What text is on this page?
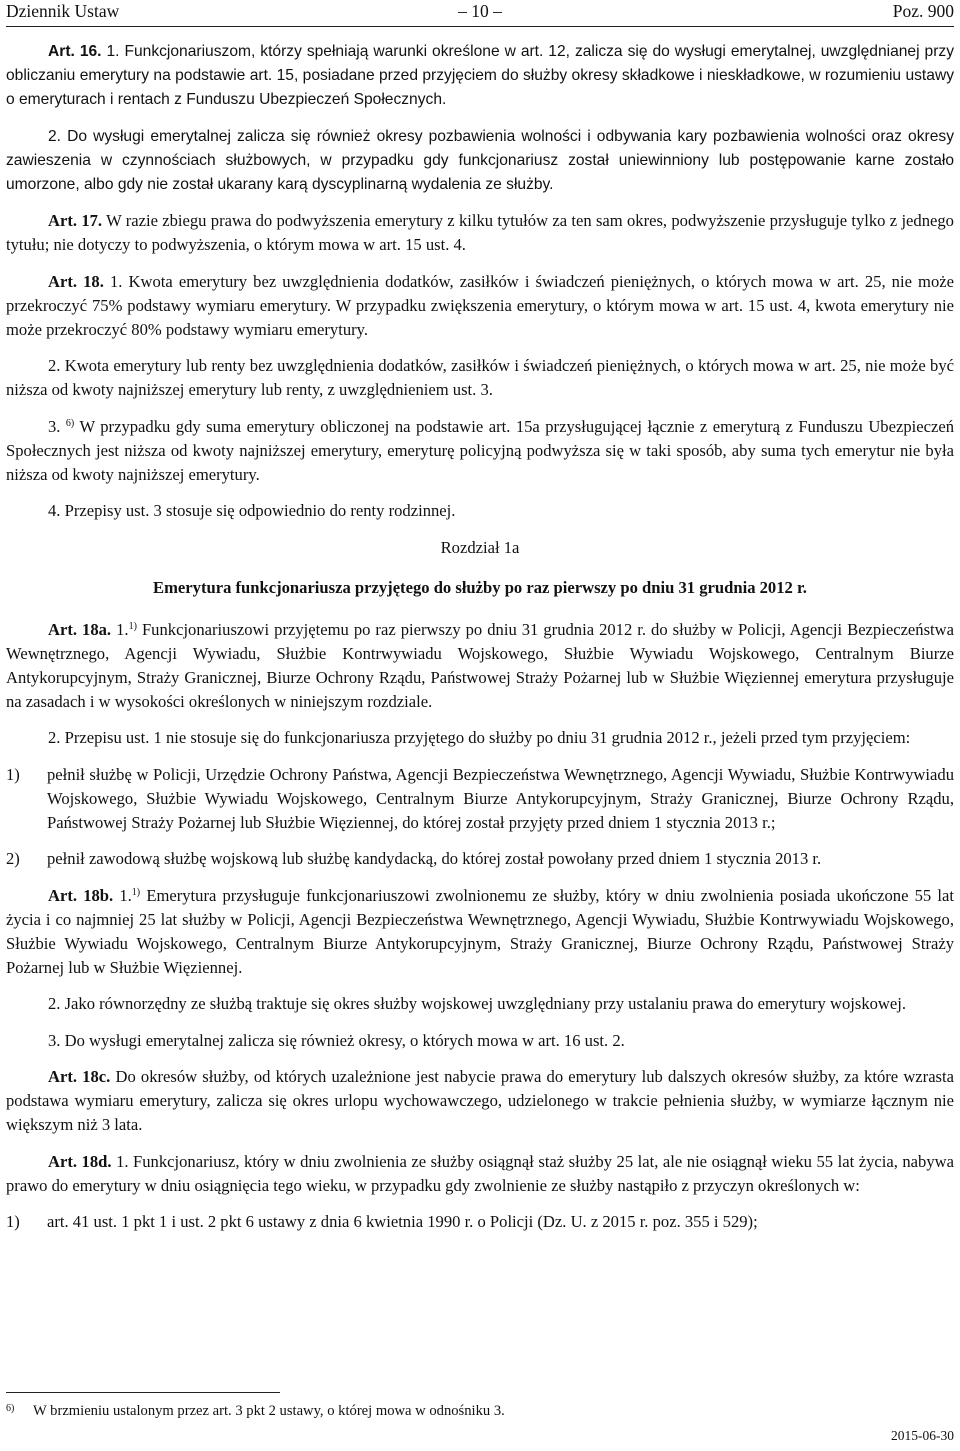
Dziennik Ustaw	– 10 –	Poz. 900

Art. 16. 1. Funkcjonariuszom, którzy spełniają warunki określone w art. 12, zalicza się do wysługi emerytalnej, uwzględnianej przy obliczaniu emerytury na podstawie art. 15, posiadane przed przyjęciem do służby okresy składkowe i nieskładkowe, w rozumieniu ustawy o emeryturach i rentach z Funduszu Ubezpieczeń Społecznych.

2. Do wysługi emerytalnej zalicza się również okresy pozbawienia wolności i odbywania kary pozbawienia wolności oraz okresy zawieszenia w czynnościach służbowych, w przypadku gdy funkcjonariusz został uniewinniony lub postępowanie karne zostało umorzone, albo gdy nie został ukarany karą dyscyplinarną wydalenia ze służby.

Art. 17. W razie zbiegu prawa do podwyższenia emerytury z kilku tytułów za ten sam okres, podwyższenie przysługuje tylko z jednego tytułu; nie dotyczy to podwyższenia, o którym mowa w art. 15 ust. 4.

Art. 18. 1. Kwota emerytury bez uwzględnienia dodatków, zasiłków i świadczeń pieniężnych, o których mowa w art. 25, nie może przekroczyć 75% podstawy wymiaru emerytury. W przypadku zwiększenia emerytury, o którym mowa w art. 15 ust. 4, kwota emerytury nie może przekroczyć 80% podstawy wymiaru emerytury.

2. Kwota emerytury lub renty bez uwzględnienia dodatków, zasiłków i świadczeń pieniężnych, o których mowa w art. 25, nie może być niższa od kwoty najniższej emerytury lub renty, z uwzględnieniem ust. 3.

3. $^{6)}$ W przypadku gdy suma emerytury obliczonej na podstawie art. 15a przysługującej łącznie z emeryturą z Funduszu Ubezpieczeń Społecznych jest niższa od kwoty najniższej emerytury, emeryturę policyjną podwyższa się w taki sposób, aby suma tych emerytur nie była niższa od kwoty najniższej emerytury.

4. Przepisy ust. 3 stosuje się odpowiednio do renty rodzinnej.

Rozdział 1a

Emerytura funkcjonariusza przyjętego do służby po raz pierwszy po dniu 31 grudnia 2012 r.

Art. 18a. 1.$^{1)}$ Funkcjonariuszowi przyjętemu po raz pierwszy po dniu 31 grudnia 2012 r. do służby w Policji, Agencji Bezpieczeństwa Wewnętrznego, Agencji Wywiadu, Służbie Kontrwywiadu Wojskowego, Służbie Wywiadu Wojskowego, Centralnym Biurze Antykorupcyjnym, Straży Granicznej, Biurze Ochrony Rządu, Państwowej Straży Pożarnej lub w Służbie Więziennej emerytura przysługuje na zasadach i w wysokości określonych w niniejszym rozdziale.

2. Przepisu ust. 1 nie stosuje się do funkcjonariusza przyjętego do służby po dniu 31 grudnia 2012 r., jeżeli przed tym przyjęciem:

1)	pełnił służbę w Policji, Urzędzie Ochrony Państwa, Agencji Bezpieczeństwa Wewnętrznego, Agencji Wywiadu, Służbie Kontrwywiadu Wojskowego, Służbie Wywiadu Wojskowego, Centralnym Biurze Antykorupcyjnym, Straży Granicznej, Biurze Ochrony Rządu, Państwowej Straży Pożarnej lub Służbie Więziennej, do której został przyjęty przed dniem 1 stycznia 2013 r.;
2)	pełnił zawodową służbę wojskową lub służbę kandydacką, do której został powołany przed dniem 1 stycznia 2013 r.

Art. 18b. 1.$^{1)}$ Emerytura przysługuje funkcjonariuszowi zwolnionemu ze służby, który w dniu zwolnienia posiada ukończone 55 lat życia i co najmniej 25 lat służby w Policji, Agencji Bezpieczeństwa Wewnętrznego, Agencji Wywiadu, Służbie Kontrwywiadu Wojskowego, Służbie Wywiadu Wojskowego, Centralnym Biurze Antykorupcyjnym, Straży Granicznej, Biurze Ochrony Rządu, Państwowej Straży Pożarnej lub w Służbie Więziennej.

2. Jako równorzędny ze służbą traktuje się okres służby wojskowej uwzględniany przy ustalaniu prawa do emerytury wojskowej.

3. Do wysługi emerytalnej zalicza się również okresy, o których mowa w art. 16 ust. 2.

Art. 18c. Do okresów służby, od których uzależnione jest nabycie prawa do emerytury lub dalszych okresów służby, za które wzrasta podstawa wymiaru emerytury, zalicza się okres urlopu wychowawczego, udzielonego w trakcie pełnienia służby, w wymiarze łącznym nie większym niż 3 lata.

Art. 18d. 1. Funkcjonariusz, który w dniu zwolnienia ze służby osiągnął staż służby 25 lat, ale nie osiągnął wieku 55 lat życia, nabywa prawo do emerytury w dniu osiągnięcia tego wieku, w przypadku gdy zwolnienie ze służby nastąpiło z przyczyn określonych w:

1)	art. 41 ust. 1 pkt 1 i ust. 2 pkt 6 ustawy z dnia 6 kwietnia 1990 r. o Policji (Dz. U. z 2015 r. poz. 355 i 529);
6)	W brzmieniu ustalonym przez art. 3 pkt 2 ustawy, o której mowa w odnośniku 3.
2015-06-30
